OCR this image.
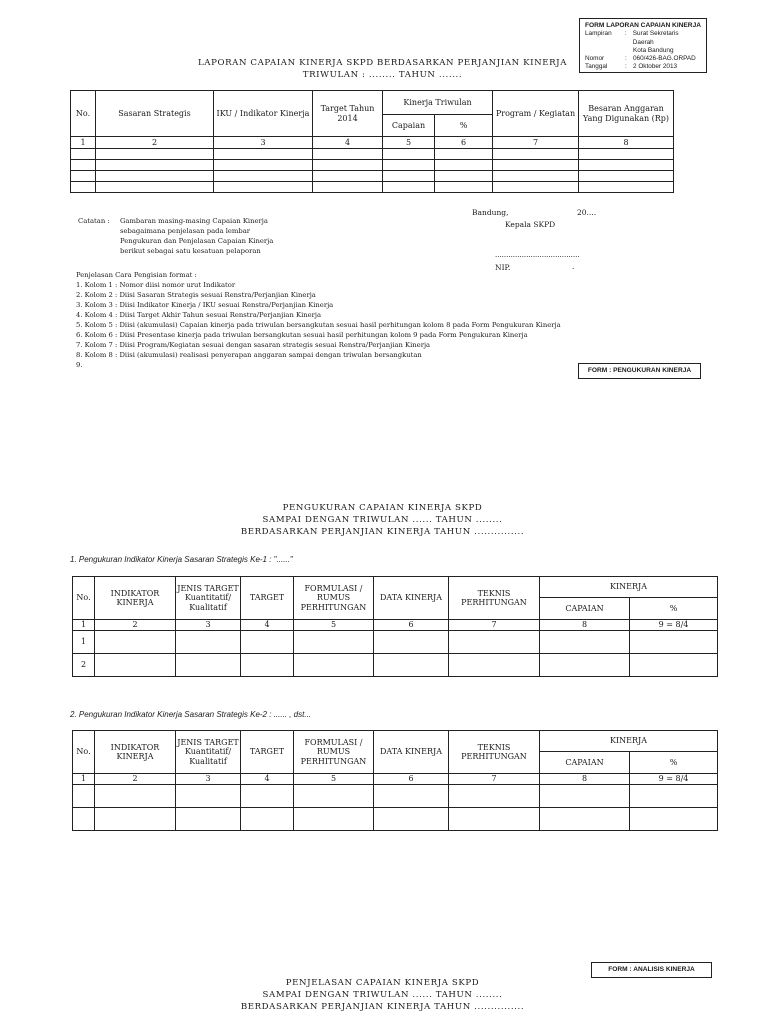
FORM LAPORAN CAPAIAN KINERJA
Lampiran	: Surat Sekretaris Daerah
Kota Bandung
Nomor	: 060/426-BAG.ORPAD
Tanggal	: 2 Oktober 2013
LAPORAN CAPAIAN KINERJA SKPD BERDASARKAN PERJANJIAN KINERJA
TRIWULAN : ........ TAHUN .......
No.	Sasaran Strategis	IKU / Indikator Kinerja	Target Tahun 2014	Kinerja Triwulan		Program / Kegiatan	Besaran Anggaran Yang Digunakan (Rp)
				Capaian	%		
1	2	3	4	5	6	7	8

Bandung,	20....
Kepala SKPD
......................................
NIP.	.
Catatan : Gambaran masing-masing Capaian Kinerja
sebagaimana penjelasan pada lembar
Pengukuran dan Penjelasan Capaian Kinerja
berikut sebagai satu kesatuan pelaporan
Penjelasan Cara Pengisian format :
1. Kolom 1 : Nomor diisi nomor urut Indikator
2. Kolom 2 : Diisi Sasaran Strategis sesuai Renstra/Perjanjian Kinerja
3. Kolom 3 : Diisi Indikator Kinerja / IKU sesuai Renstra/Perjanjian Kinerja
4. Kolom 4 : Diisi Target Akhir Tahun sesuai Renstra/Perjanjian Kinerja
5. Kolom 5 : Diisi (akumulasi) Capaian kinerja pada triwulan bersangkutan sesuai hasil perhitungan kolom 8 pada Form Pengukuran Kinerja
6. Kolom 6 : Diisi Presentase kinerja pada triwulan bersangkutan sesuai hasil perhitungan kolom 9 pada Form Pengukuran Kinerja
7. Kolom 7 : Diisi Program/Kegiatan sesuai dengan sasaran strategis sesuai Renstra/Perjanjian Kinerja
8. Kolom 8 : Diisi (akumulasi) realisasi penyerapan anggaran sampai dengan triwulan bersangkutan
9.
FORM : PENGUKURAN KINERJA
PENGUKURAN CAPAIAN KINERJA SKPD
SAMPAI DENGAN TRIWULAN ...... TAHUN ........
BERDASARKAN PERJANJIAN KINERJA TAHUN ...............
1. Pengukuran Indikator Kinerja Sasaran Strategis Ke-1 : "......"
No.	INDIKATOR KINERJA	JENIS TARGET Kuantitatif/ Kualitatif	TARGET	FORMULASI / RUMUS PERHITUNGAN	DATA KINERJA	TEKNIS PERHITUNGAN	KINERJA	
							CAPAIAN	%
1	2	3	4	5	6	7	8	9 = 8/4
1								
2								
2. Pengukuran Indikator Kinerja Sasaran Strategis Ke-2 : ...... , dst...
No.	INDIKATOR KINERJA	JENIS TARGET Kuantitatif/ Kualitatif	TARGET	FORMULASI / RUMUS PERHITUNGAN	DATA KINERJA	TEKNIS PERHITUNGAN	KINERJA	
							CAPAIAN	%
1	2	3	4	5	6	7	8	9 = 8/4

FORM : ANALISIS KINERJA
PENJELASAN CAPAIAN KINERJA SKPD
SAMPAI DENGAN TRIWULAN ...... TAHUN ........
BERDASARKAN PERJANJIAN KINERJA TAHUN ...............
